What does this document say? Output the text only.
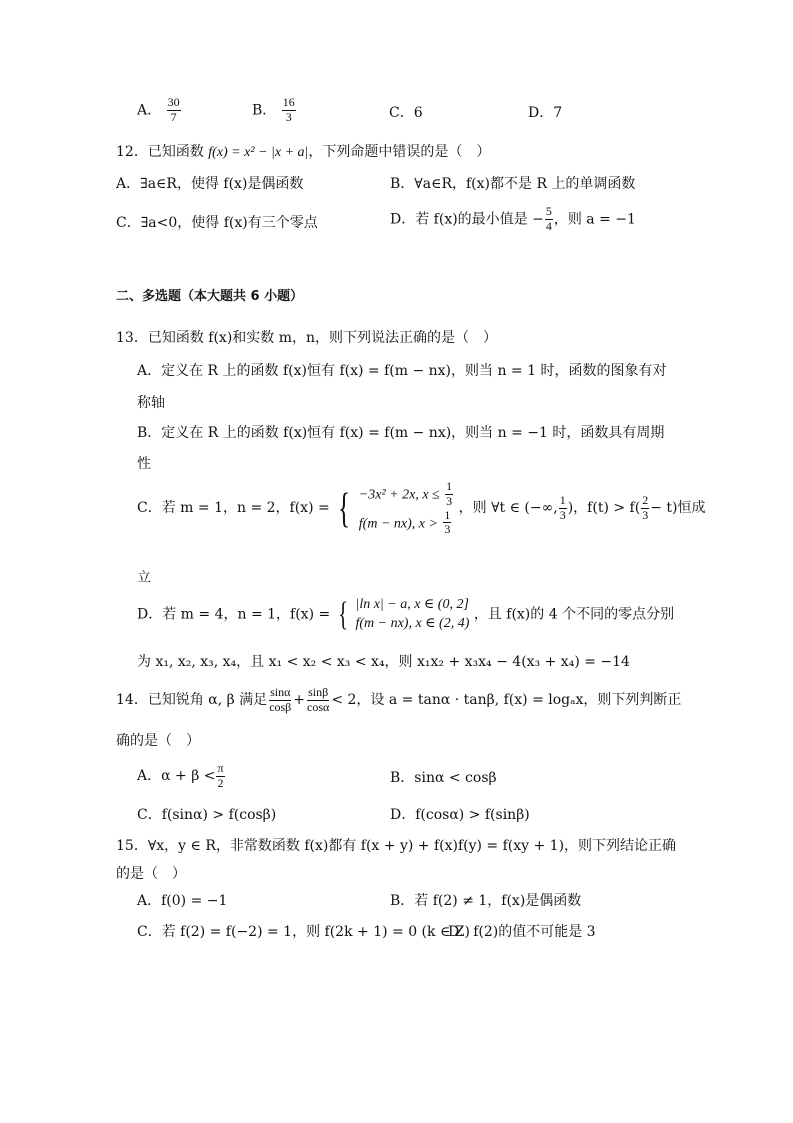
A． $\frac{30}{7}$	B． $\frac{16}{3}$	C．6	D．7
12．已知函数 f(x) = x² − |x + a|，下列命题中错误的是（　）
A．∃a∈R，使得 f(x)是偶函数	B．∀a∈R，f(x)都不是 R 上的单调函数
C．∃a<0，使得 f(x)有三个零点	D．若 f(x)的最小值是 − $\frac{5}{4}$ ，则 a = −1
二、多选题（本大题共 6 小题）
13．已知函数 f(x)和实数 m，n，则下列说法正确的是（　）
A．定义在 R 上的函数 f(x)恒有 f(x) = f(m − nx)，则当 n = 1 时，函数的图象有对
称轴
B．定义在 R 上的函数 f(x)恒有 f(x) = f(m − nx)，则当 n = −1 时，函数具有周期
性
C．若 m = 1，n = 2，f(x) = { −3x² + 2x, $x \le \frac{1}{3}$
f(m − nx), $x > \frac{1}{3}$
，则 ∀t ∈ (−∞, $\frac{1}{3}$ )，$f(t) > f( \frac{2}{3} - t)$恒成
立
D．若 m = 4，n = 1，f(x) = { |ln x| − a, x ∈ (0, 2]
f(m − nx), x ∈ (2, 4)
，且 f(x)的 4 个不同的零点分别
为 x₁, x₂, x₃, x₄，且 x₁ < x₂ < x₃ < x₄，则 x₁x₂ + x₃x₄ − 4(x₃ + x₄) = −14
14．已知锐角 α, β 满足 $\frac{\sin\alpha}{\cos\beta} + \frac{\sin\beta}{\cos\alpha} < 2$，设 a = tanα · tanβ, f(x) = logₐx，则下列判断正
确的是（　）
A．$\alpha + \beta < \frac{\pi}{2}$	B．sinα < cosβ
C．f(sinα) > f(cosβ)	D．f(cosα) > f(sinβ)
15．∀x，y ∈ R，非常数函数 f(x)都有 f(x + y) + f(x)f(y) = f(xy + 1)，则下列结论正确
的是（　）
A．f(0) = −1	B．若 f(2) ≠ 1，f(x)是偶函数
C．若 f(2) = f(−2) = 1，则 f(2k + 1) = 0 (k ∈ Z)
D．f(2)的值不可能是 3
